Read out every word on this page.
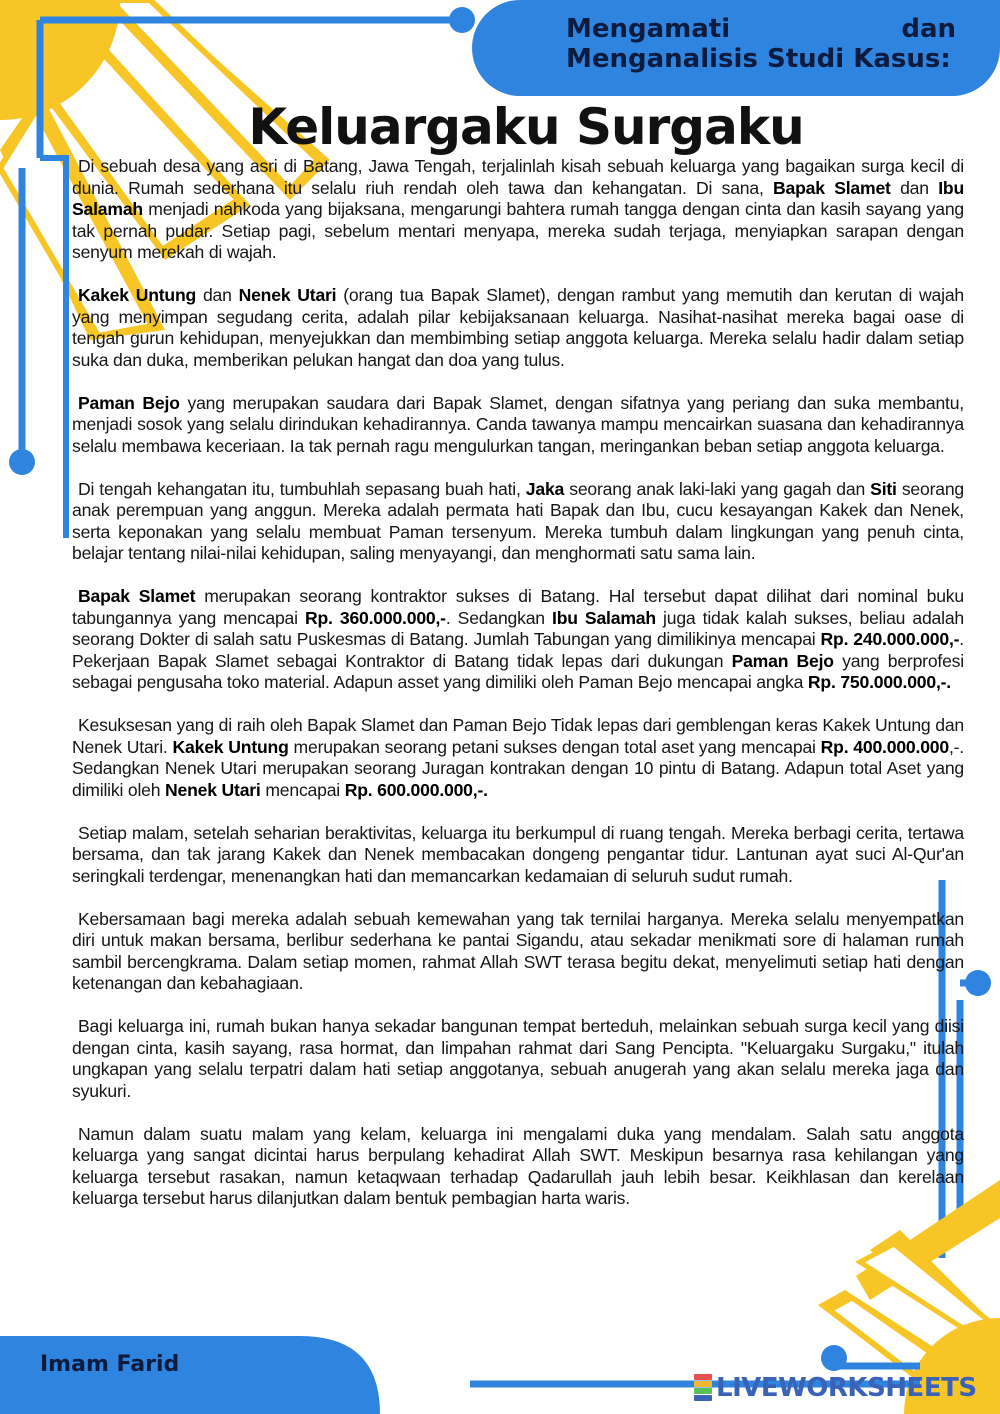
Mengamati	dan
Menganalisis Studi Kasus:
Keluargaku Surgaku

Di sebuah desa yang asri di Batang, Jawa Tengah, terjalinlah kisah sebuah keluarga yang bagaikan surga kecil di dunia. Rumah sederhana itu selalu riuh rendah oleh tawa dan kehangatan. Di sana, Bapak Slamet dan Ibu Salamah menjadi nahkoda yang bijaksana, mengarungi bahtera rumah tangga dengan cinta dan kasih sayang yang tak pernah pudar. Setiap pagi, sebelum mentari menyapa, mereka sudah terjaga, menyiapkan sarapan dengan senyum merekah di wajah.

Kakek Untung dan Nenek Utari (orang tua Bapak Slamet), dengan rambut yang memutih dan kerutan di wajah yang menyimpan segudang cerita, adalah pilar kebijaksanaan keluarga. Nasihat-nasihat mereka bagai oase di tengah gurun kehidupan, menyejukkan dan membimbing setiap anggota keluarga. Mereka selalu hadir dalam setiap suka dan duka, memberikan pelukan hangat dan doa yang tulus.

Paman Bejo yang merupakan saudara dari Bapak Slamet, dengan sifatnya yang periang dan suka membantu, menjadi sosok yang selalu dirindukan kehadirannya. Canda tawanya mampu mencairkan suasana dan kehadirannya selalu membawa keceriaan. Ia tak pernah ragu mengulurkan tangan, meringankan beban setiap anggota keluarga.

Di tengah kehangatan itu, tumbuhlah sepasang buah hati, Jaka seorang anak laki-laki yang gagah dan Siti seorang anak perempuan yang anggun. Mereka adalah permata hati Bapak dan Ibu, cucu kesayangan Kakek dan Nenek, serta keponakan yang selalu membuat Paman tersenyum. Mereka tumbuh dalam lingkungan yang penuh cinta, belajar tentang nilai-nilai kehidupan, saling menyayangi, dan menghormati satu sama lain.

Bapak Slamet merupakan seorang kontraktor sukses di Batang. Hal tersebut dapat dilihat dari nominal buku tabungannya yang mencapai Rp. 360.000.000,-. Sedangkan Ibu Salamah juga tidak kalah sukses, beliau adalah seorang Dokter di salah satu Puskesmas di Batang. Jumlah Tabungan yang dimilikinya mencapai Rp. 240.000.000,-. Pekerjaan Bapak Slamet sebagai Kontraktor di Batang tidak lepas dari dukungan Paman Bejo yang berprofesi sebagai pengusaha toko material. Adapun asset yang dimiliki oleh Paman Bejo mencapai angka Rp. 750.000.000,-.

Kesuksesan yang di raih oleh Bapak Slamet dan Paman Bejo Tidak lepas dari gemblengan keras Kakek Untung dan Nenek Utari. Kakek Untung merupakan seorang petani sukses dengan total aset yang mencapai Rp. 400.000.000,-. Sedangkan Nenek Utari merupakan seorang Juragan kontrakan dengan 10 pintu di Batang. Adapun total Aset yang dimiliki oleh Nenek Utari mencapai Rp. 600.000.000,-.

Setiap malam, setelah seharian beraktivitas, keluarga itu berkumpul di ruang tengah. Mereka berbagi cerita, tertawa bersama, dan tak jarang Kakek dan Nenek membacakan dongeng pengantar tidur. Lantunan ayat suci Al-Qur'an seringkali terdengar, menenangkan hati dan memancarkan kedamaian di seluruh sudut rumah.

Kebersamaan bagi mereka adalah sebuah kemewahan yang tak ternilai harganya. Mereka selalu menyempatkan diri untuk makan bersama, berlibur sederhana ke pantai Sigandu, atau sekadar menikmati sore di halaman rumah sambil bercengkrama. Dalam setiap momen, rahmat Allah SWT terasa begitu dekat, menyelimuti setiap hati dengan ketenangan dan kebahagiaan.

Bagi keluarga ini, rumah bukan hanya sekadar bangunan tempat berteduh, melainkan sebuah surga kecil yang diisi dengan cinta, kasih sayang, rasa hormat, dan limpahan rahmat dari Sang Pencipta. "Keluargaku Surgaku," itulah ungkapan yang selalu terpatri dalam hati setiap anggotanya, sebuah anugerah yang akan selalu mereka jaga dan syukuri.

Namun dalam suatu malam yang kelam, keluarga ini mengalami duka yang mendalam. Salah satu anggota keluarga yang sangat dicintai harus berpulang kehadirat Allah SWT. Meskipun besarnya rasa kehilangan yang keluarga tersebut rasakan, namun ketaqwaan terhadap Qadarullah jauh lebih besar. Keikhlasan dan kerelaan keluarga tersebut harus dilanjutkan dalam bentuk pembagian harta waris.

Imam Farid
LIVEWORKSHEETS
